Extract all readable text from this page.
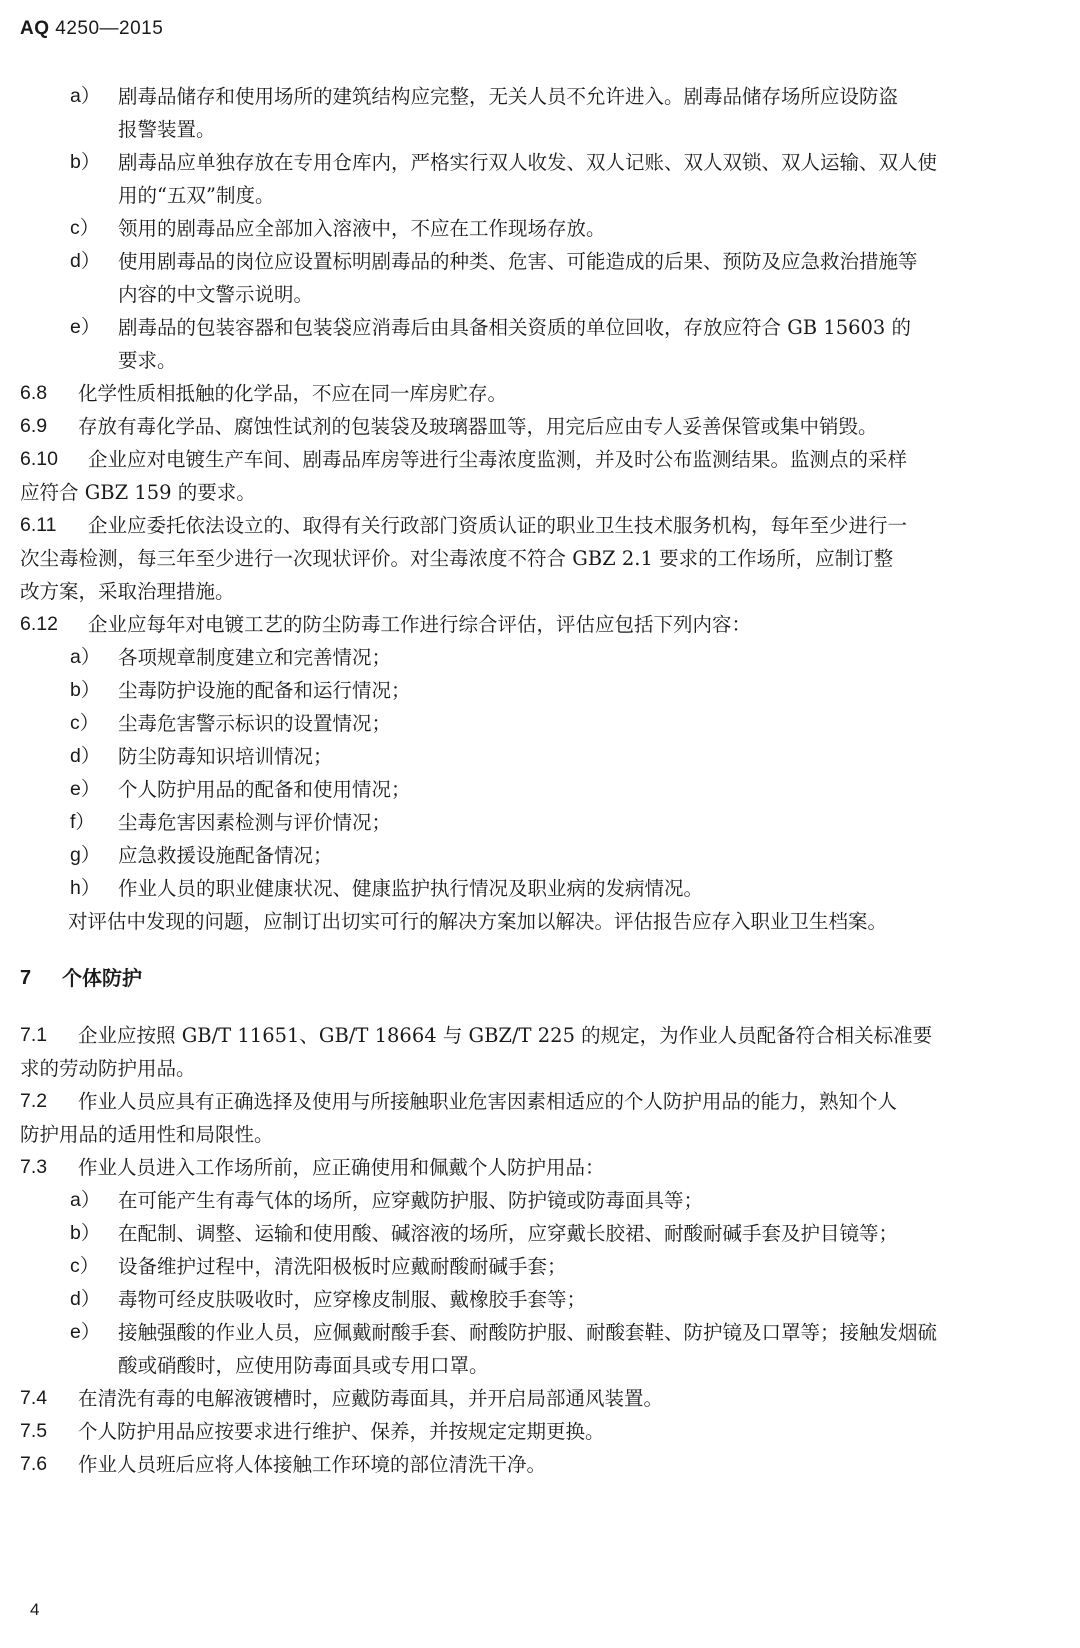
AQ 4250—2015
a） 剧毒品储存和使用场所的建筑结构应完整，无关人员不允许进入。剧毒品储存场所应设防盗
报警装置。
b） 剧毒品应单独存放在专用仓库内，严格实行双人收发、双人记账、双人双锁、双人运输、双人使
用的“五双”制度。
c） 领用的剧毒品应全部加入溶液中，不应在工作现场存放。
d） 使用剧毒品的岗位应设置标明剧毒品的种类、危害、可能造成的后果、预防及应急救治措施等
内容的中文警示说明。
e） 剧毒品的包装容器和包装袋应消毒后由具备相关资质的单位回收，存放应符合 GB 15603 的
要求。
6.8 化学性质相抵触的化学品，不应在同一库房贮存。
6.9 存放有毒化学品、腐蚀性试剂的包装袋及玻璃器皿等，用完后应由专人妥善保管或集中销毁。
6.10 企业应对电镀生产车间、剧毒品库房等进行尘毒浓度监测，并及时公布监测结果。监测点的采样
应符合 GBZ 159 的要求。
6.11 企业应委托依法设立的、取得有关行政部门资质认证的职业卫生技术服务机构，每年至少进行一
次尘毒检测，每三年至少进行一次现状评价。对尘毒浓度不符合 GBZ 2.1 要求的工作场所，应制订整
改方案，采取治理措施。
6.12 企业应每年对电镀工艺的防尘防毒工作进行综合评估，评估应包括下列内容：
a） 各项规章制度建立和完善情况；
b） 尘毒防护设施的配备和运行情况；
c） 尘毒危害警示标识的设置情况；
d） 防尘防毒知识培训情况；
e） 个人防护用品的配备和使用情况；
f） 尘毒危害因素检测与评价情况；
g） 应急救援设施配备情况；
h） 作业人员的职业健康状况、健康监护执行情况及职业病的发病情况。
对评估中发现的问题，应制订出切实可行的解决方案加以解决。评估报告应存入职业卫生档案。
7 个体防护
7.1 企业应按照 GB/T 11651、GB/T 18664 与 GBZ/T 225 的规定，为作业人员配备符合相关标准要
求的劳动防护用品。
7.2 作业人员应具有正确选择及使用与所接触职业危害因素相适应的个人防护用品的能力，熟知个人
防护用品的适用性和局限性。
7.3 作业人员进入工作场所前，应正确使用和佩戴个人防护用品：
a） 在可能产生有毒气体的场所，应穿戴防护服、防护镜或防毒面具等；
b） 在配制、调整、运输和使用酸、碱溶液的场所，应穿戴长胶裙、耐酸耐碱手套及护目镜等；
c） 设备维护过程中，清洗阳极板时应戴耐酸耐碱手套；
d） 毒物可经皮肤吸收时，应穿橡皮制服、戴橡胶手套等；
e） 接触强酸的作业人员，应佩戴耐酸手套、耐酸防护服、耐酸套鞋、防护镜及口罩等；接触发烟硫
酸或硝酸时，应使用防毒面具或专用口罩。
7.4 在清洗有毒的电解液镀槽时，应戴防毒面具，并开启局部通风装置。
7.5 个人防护用品应按要求进行维护、保养，并按规定定期更换。
7.6 作业人员班后应将人体接触工作环境的部位清洗干净。
4
